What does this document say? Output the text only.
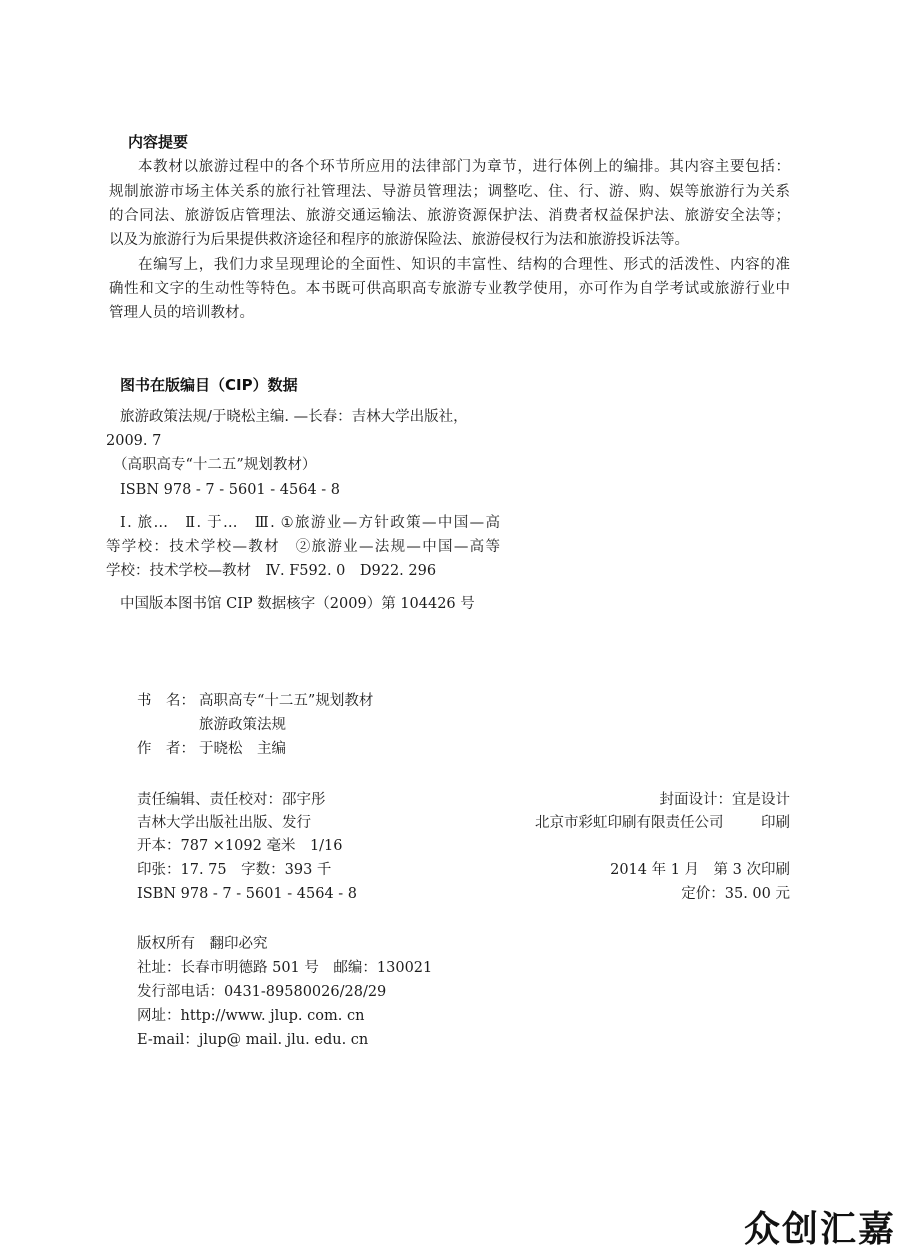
内容提要
本教材以旅游过程中的各个环节所应用的法律部门为章节，进行体例上的编排。其内容主要包括：
规制旅游市场主体关系的旅行社管理法、导游员管理法；调整吃、住、行、游、购、娱等旅游行为关系
的合同法、旅游饭店管理法、旅游交通运输法、旅游资源保护法、消费者权益保护法、旅游安全法等；
以及为旅游行为后果提供救济途径和程序的旅游保险法、旅游侵权行为法和旅游投诉法等。
在编写上，我们力求呈现理论的全面性、知识的丰富性、结构的合理性、形式的活泼性、内容的准
确性和文字的生动性等特色。本书既可供高职高专旅游专业教学使用，亦可作为自学考试或旅游行业中
管理人员的培训教材。
图书在版编目（CIP）数据
旅游政策法规/于晓松主编. —长春：吉林大学出版社，
2009. 7
（高职高专“十二五”规划教材）
ISBN 978 - 7 - 5601 - 4564 - 8
Ⅰ. 旅…　Ⅱ. 于…　Ⅲ. ①旅游业—方针政策—中国—高
等学校：技术学校—教材　②旅游业—法规—中国—高等
学校：技术学校—教材　Ⅳ. F592. 0　D922. 296
中国版本图书馆 CIP 数据核字（2009）第 104426 号
书　名： 高职高专“十二五”规划教材
旅游政策法规
作　者： 于晓松　主编
责任编辑、责任校对：邵宇彤	封面设计：宜是设计
吉林大学出版社出版、发行	北京市彩虹印刷有限责任公司	印刷
开本：787 ×1092 毫米　1/16
印张：17. 75　字数：393 千	2014 年 1 月　第 3 次印刷
ISBN 978 - 7 - 5601 - 4564 - 8	定价：35. 00 元
版权所有　翻印必究
社址：长春市明德路 501 号　邮编：130021
发行部电话：0431-89580026/28/29
网址：http://www. jlup. com. cn
E-mail：jlup@ mail. jlu. edu. cn
众创汇嘉
